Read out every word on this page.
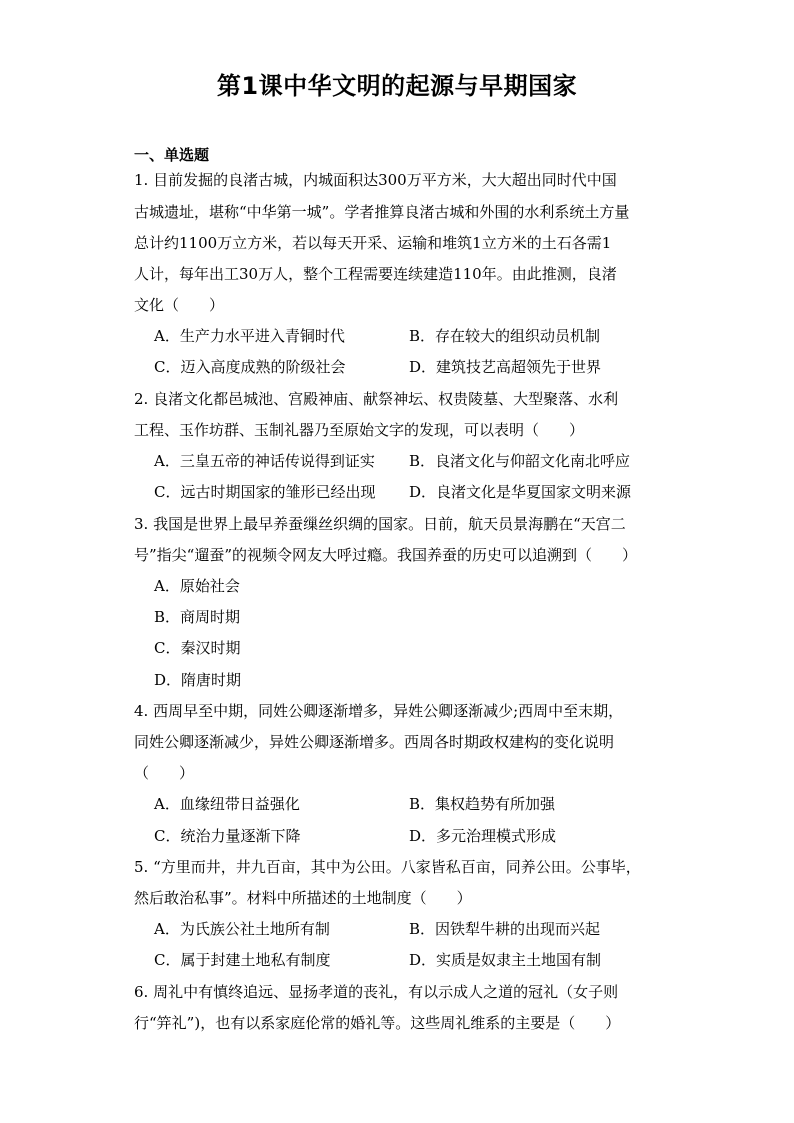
第1课中华文明的起源与早期国家
一、单选题
1. 目前发掘的良渚古城，内城面积达300万平方米，大大超出同时代中国
古城遗址，堪称“中华第一城”。学者推算良渚古城和外围的水利系统土方量
总计约1100万立方米，若以每天开采、运输和堆筑1立方米的土石各需1
人计，每年出工30万人，整个工程需要连续建造110年。由此推测，良渚
文化（　　）
A．生产力水平进入青铜时代	B．存在较大的组织动员机制
C．迈入高度成熟的阶级社会	D．建筑技艺高超领先于世界
2. 良渚文化都邑城池、宫殿神庙、献祭神坛、权贵陵墓、大型聚落、水利
工程、玉作坊群、玉制礼器乃至原始文字的发现，可以表明（　　）
A．三皇五帝的神话传说得到证实 B．良渚文化与仰韶文化南北呼应
C．远古时期国家的雏形已经出现 D．良渚文化是华夏国家文明来源
3. 我国是世界上最早养蚕缫丝织绸的国家。日前，航天员景海鹏在“天宫二
号”指尖“遛蚕”的视频令网友大呼过瘾。我国养蚕的历史可以追溯到（　　）
A．原始社会
B．商周时期
C．秦汉时期
D．隋唐时期
4. 西周早至中期，同姓公卿逐渐增多，异姓公卿逐渐减少;西周中至末期，
同姓公卿逐渐减少，异姓公卿逐渐增多。西周各时期政权建构的变化说明
（　　）
A．血缘纽带日益强化	B．集权趋势有所加强
C．统治力量逐渐下降	D．多元治理模式形成
5. “方里而井，井九百亩，其中为公田。八家皆私百亩，同养公田。公事毕，
然后敢治私事”。材料中所描述的土地制度（　　）
A．为氏族公社土地所有制	B．因铁犁牛耕的出现而兴起
C．属于封建土地私有制度	D．实质是奴隶主土地国有制
6. 周礼中有慎终追远、显扬孝道的丧礼，有以示成人之道的冠礼（女子则
行“笄礼”)，也有以系家庭伦常的婚礼等。这些周礼维系的主要是（　　）
